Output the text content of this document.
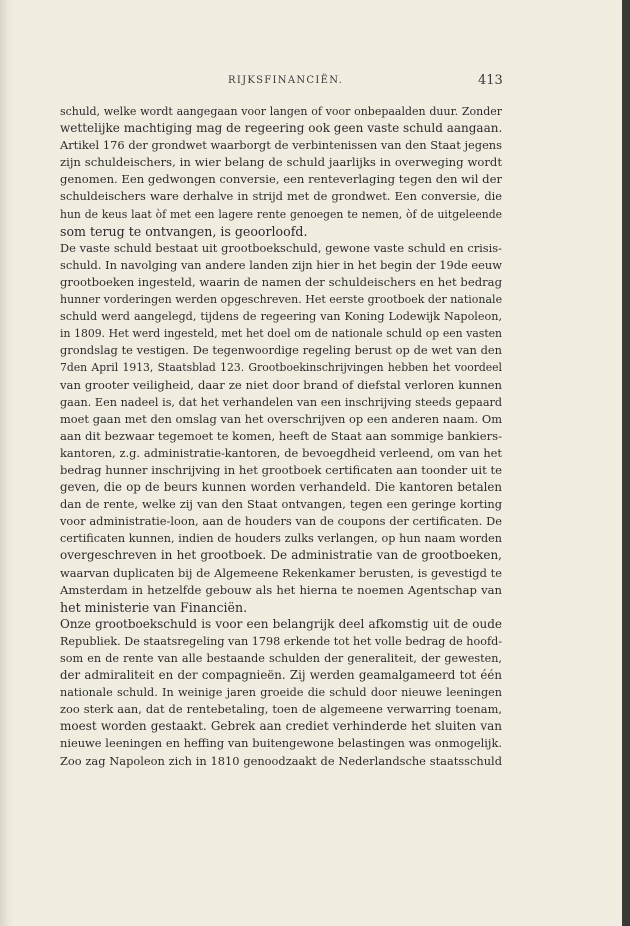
RIJKSFINANCIËN.	413
schuld, welke wordt aangegaan voor langen of voor onbepaalden duur. Zonder
wettelijke machtiging mag de regeering ook geen vaste schuld aangaan.
Artikel 176 der grondwet waarborgt de verbintenissen van den Staat jegens
zijn schuldeischers, in wier belang de schuld jaarlijks in overweging wordt
genomen. Een gedwongen conversie, een renteverlaging tegen den wil der
schuldeischers ware derhalve in strijd met de grondwet. Een conversie, die
hun de keus laat òf met een lagere rente genoegen te nemen, òf de uitgeleende
som terug te ontvangen, is geoorloofd.
De vaste schuld bestaat uit grootboekschuld, gewone vaste schuld en crisis-
schuld. In navolging van andere landen zijn hier in het begin der 19de eeuw
grootboeken ingesteld, waarin de namen der schuldeischers en het bedrag
hunner vorderingen werden opgeschreven. Het eerste grootboek der nationale
schuld werd aangelegd, tijdens de regeering van Koning Lodewijk Napoleon,
in 1809. Het werd ingesteld, met het doel om de nationale schuld op een vasten
grondslag te vestigen. De tegenwoordige regeling berust op de wet van den
7den April 1913, Staatsblad 123. Grootboekinschrijvingen hebben het voordeel
van grooter veiligheid, daar ze niet door brand of diefstal verloren kunnen
gaan. Een nadeel is, dat het verhandelen van een inschrijving steeds gepaard
moet gaan met den omslag van het overschrijven op een anderen naam. Om
aan dit bezwaar tegemoet te komen, heeft de Staat aan sommige bankiers-
kantoren, z.g. administratie-kantoren, de bevoegdheid verleend, om van het
bedrag hunner inschrijving in het grootboek certificaten aan toonder uit te
geven, die op de beurs kunnen worden verhandeld. Die kantoren betalen
dan de rente, welke zij van den Staat ontvangen, tegen een geringe korting
voor administratie-loon, aan de houders van de coupons der certificaten. De
certificaten kunnen, indien de houders zulks verlangen, op hun naam worden
overgeschreven in het grootboek. De administratie van de grootboeken,
waarvan duplicaten bij de Algemeene Rekenkamer berusten, is gevestigd te
Amsterdam in hetzelfde gebouw als het hierna te noemen Agentschap van
het ministerie van Financiën.
Onze grootboekschuld is voor een belangrijk deel afkomstig uit de oude
Republiek. De staatsregeling van 1798 erkende tot het volle bedrag de hoofd-
som en de rente van alle bestaande schulden der generaliteit, der gewesten,
der admiraliteit en der compagnieën. Zij werden geamalgameerd tot één
nationale schuld. In weinige jaren groeide die schuld door nieuwe leeningen
zoo sterk aan, dat de rentebetaling, toen de algemeene verwarring toenam,
moest worden gestaakt. Gebrek aan crediet verhinderde het sluiten van
nieuwe leeningen en heffing van buitengewone belastingen was onmogelijk.
Zoo zag Napoleon zich in 1810 genoodzaakt de Nederlandsche staatsschuld
